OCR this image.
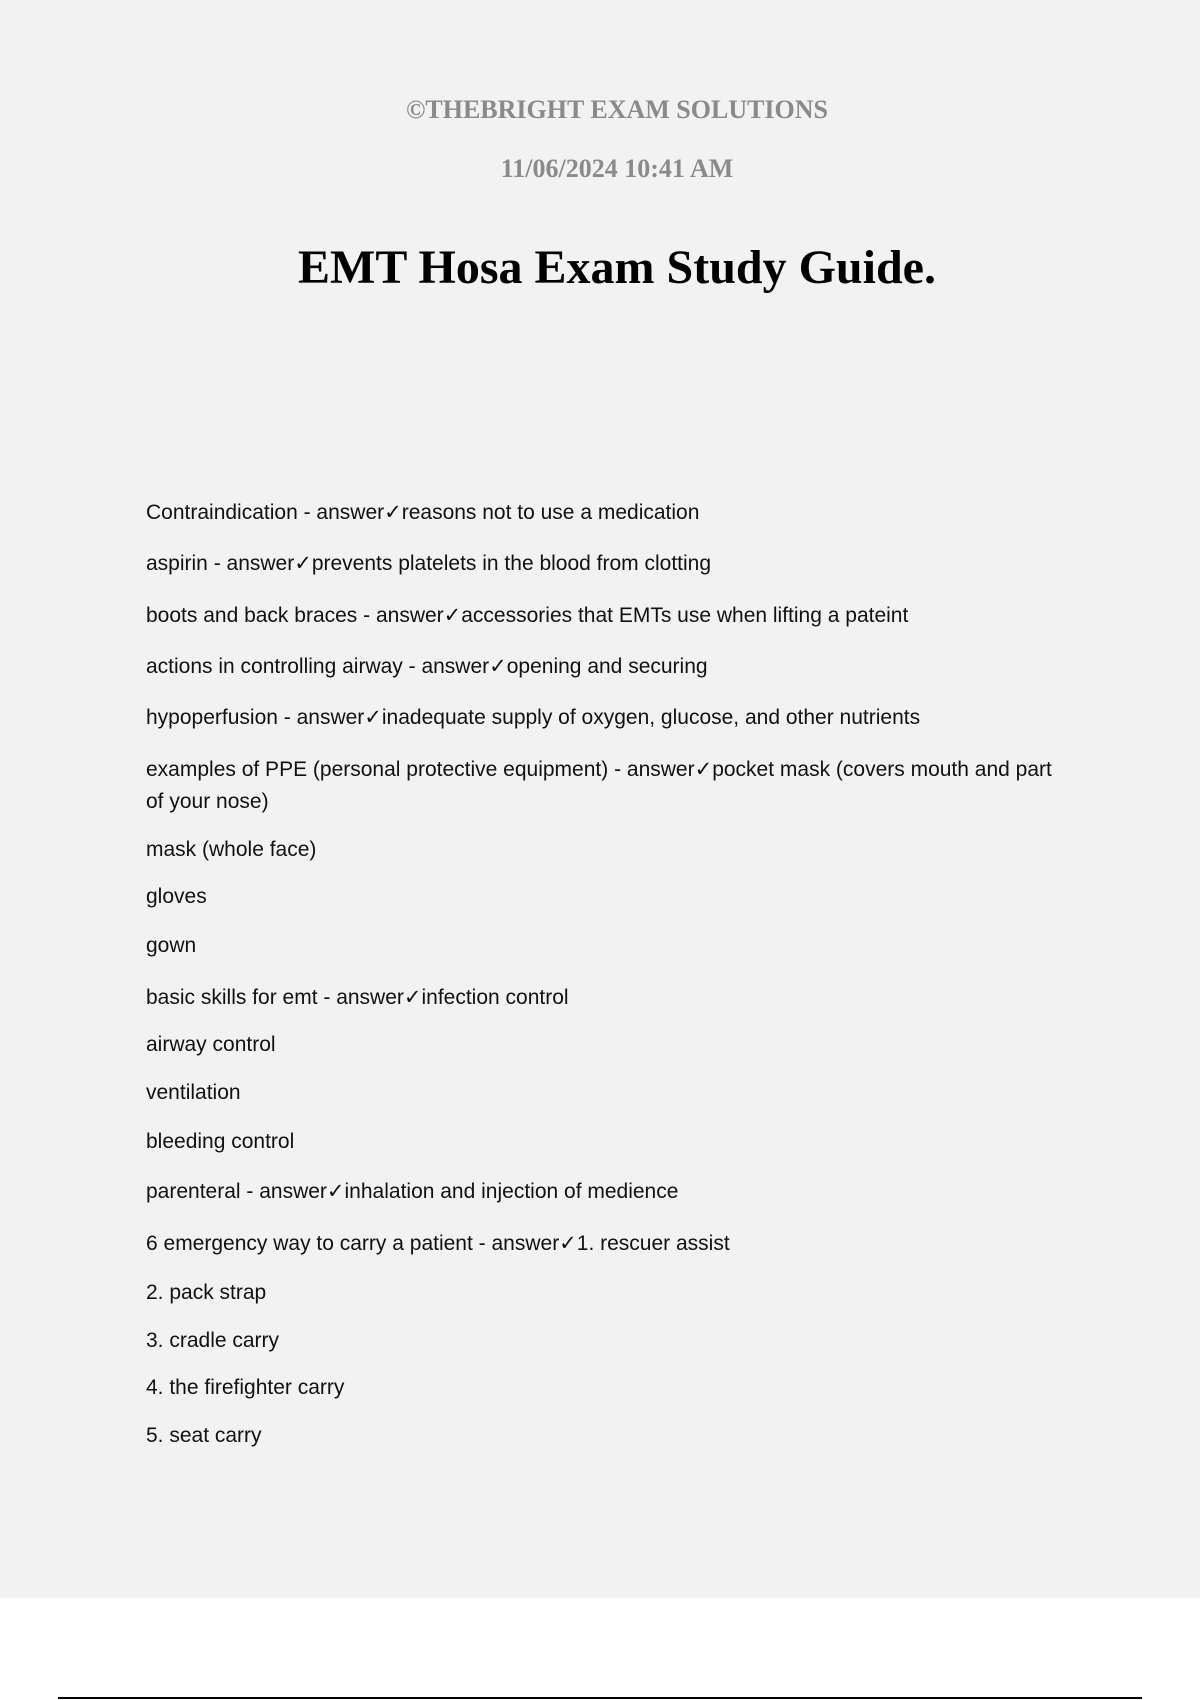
©THEBRIGHT EXAM SOLUTIONS

11/06/2024 10:41 AM

EMT Hosa Exam Study Guide.
Contraindication - answer✓reasons not to use a medication
aspirin - answer✓prevents platelets in the blood from clotting
boots and back braces - answer✓accessories that EMTs use when lifting a pateint
actions in controlling airway - answer✓opening and securing
hypoperfusion - answer✓inadequate supply of oxygen, glucose, and other nutrients
examples of PPE (personal protective equipment) - answer✓pocket mask (covers mouth and part of your nose)
mask (whole face)
gloves
gown
basic skills for emt - answer✓infection control
airway control
ventilation
bleeding control
parenteral - answer✓inhalation and injection of medience
6 emergency way to carry a patient - answer✓1. rescuer assist
2. pack strap
3. cradle carry
4. the firefighter carry
5. seat carry
